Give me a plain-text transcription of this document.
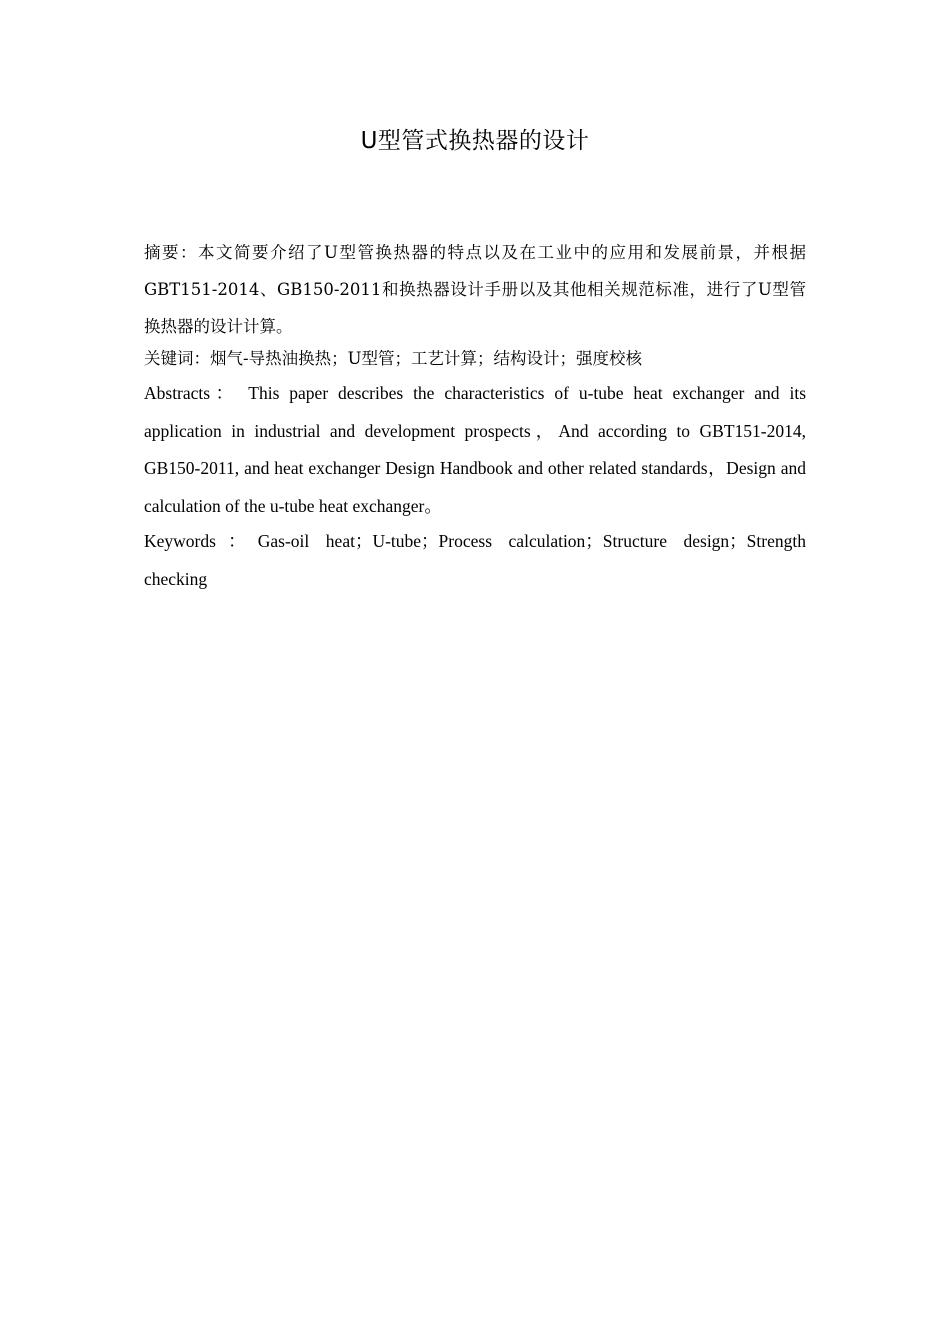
U型管式换热器的设计

摘要：本文简要介绍了U型管换热器的特点以及在工业中的应用和发展前景，并根据GBT151-2014、GB150-2011和换热器设计手册以及其他相关规范标准，进行了U型管换热器的设计计算。

关键词：烟气-导热油换热；U型管；工艺计算；结构设计；强度校核

Abstracts： This paper describes the characteristics of u-tube heat exchanger and its application in industrial and development prospects，And according to GBT151-2014, GB150-2011, and heat exchanger Design Handbook and other related standards，Design and calculation of the u-tube heat exchanger。

Keywords：Gas-oil heat；U-tube；Process calculation；Structure design；Strength checking
